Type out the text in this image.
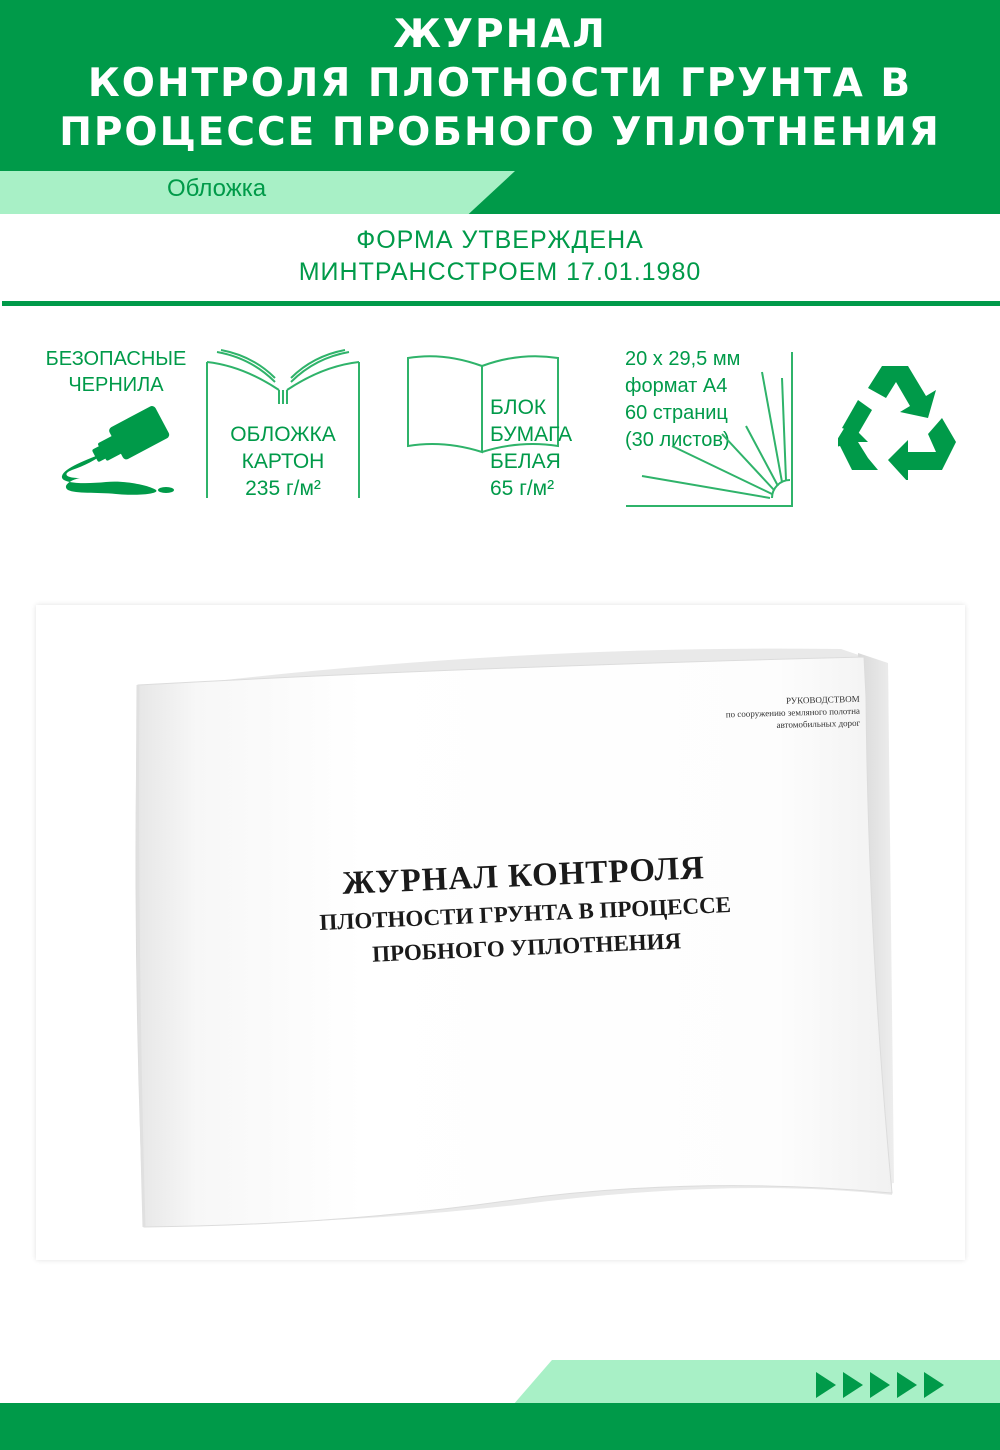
ЖУРНАЛ
КОНТРОЛЯ ПЛОТНОСТИ ГРУНТА В
ПРОЦЕССЕ ПРОБНОГО УПЛОТНЕНИЯ
Обложка
ФОРМА УТВЕРЖДЕНА
МИНТРАНССТРОЕМ 17.01.1980
БЕЗОПАСНЫЕ
ЧЕРНИЛА
ОБЛОЖКА
КАРТОН
235 г/м²
БЛОК
БУМАГА
БЕЛАЯ
65 г/м²
20 х 29,5 мм
формат А4
60 страниц
(30 листов)
РУКОВОДСТВОМ
по сооружению земляного полотна
автомобильных дорог
ЖУРНАЛ КОНТРОЛЯ
ПЛОТНОСТИ ГРУНТА В ПРОЦЕССЕ
ПРОБНОГО УПЛОТНЕНИЯ
